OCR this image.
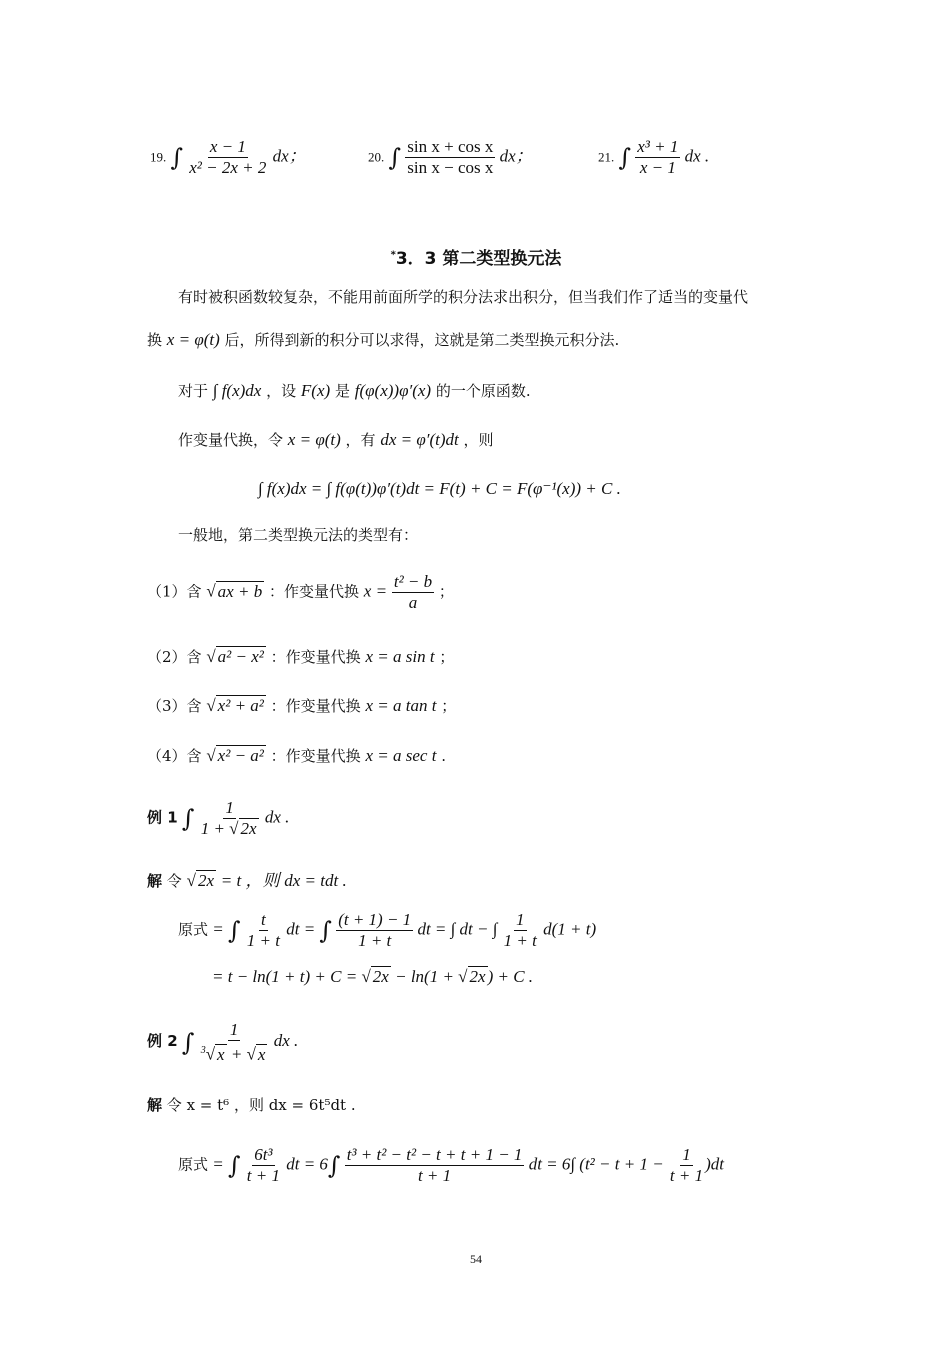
19. ∫ $\frac{x - 1}{\text{x² − 2x + 2}}$ dx；	20. ∫ $\frac{\text{sin x + cos x}}{\text{sin x − cos x}}$ dx；	21. ∫ $\frac{\text{x³ + 1}}{x - 1}$ dx .
*3．3 第二类型换元法
有时被积函数较复杂，不能用前面所学的积分法求出积分，但当我们作了适当的变量代
换 x = φ(t) 后，所得到新的积分可以求得，这就是第二类型换元积分法.
对于 ∫ f(x)dx ，设 F(x) 是 f(φ(x))φ′(x) 的一个原函数.
作变量代换，令 x = φ(t) ，有 dx = φ′(t)dt ，则
∫ f(x)dx = ∫ f(φ(t))φ′(t)dt = F(t) + C = F(φ⁻¹(x)) + C .
一般地，第二类型换元法的类型有：
（1）含 √ ax + b ：作变量代换 $x = \frac{\text{t² − b}}{a}$ ；
（2）含 √ a² − x² ：作变量代换 x = a sin t ；
（3）含 √ x² + a² ：作变量代换 x = a tan t ；
（4）含 √ x² − a² ：作变量代换 x = a sec t .
例 1 ∫ $\frac{1}{1 + √ 2x}$ dx .
解 令 √ 2x = t ，则 dx = tdt .
原式 = ∫ $\frac{t}{1 + t}$ dt = ∫ $\frac{(t + 1) - 1}{1 + t}$ dt = ∫ dt − ∫ $\frac{1}{1 + t} d(1 + t)$
= t − ln(1 + t) + C = √ 2x − ln(1 + √ 2x ) + C .
例 2 ∫ $\frac{1}{^3√ x + √ x}$ dx .
解 令 x = t⁶ ，则 dx = 6t⁵dt .
原式 = ∫ $\frac{\text{6t³}}{t + 1}$ dt = $6\int \frac{\text{t³ + t² − t² − t + t + 1 − 1}}{t + 1}$ dt = 6∫ $(t^2 - t + 1 - \frac{1}{t + 1} )dt$
54
